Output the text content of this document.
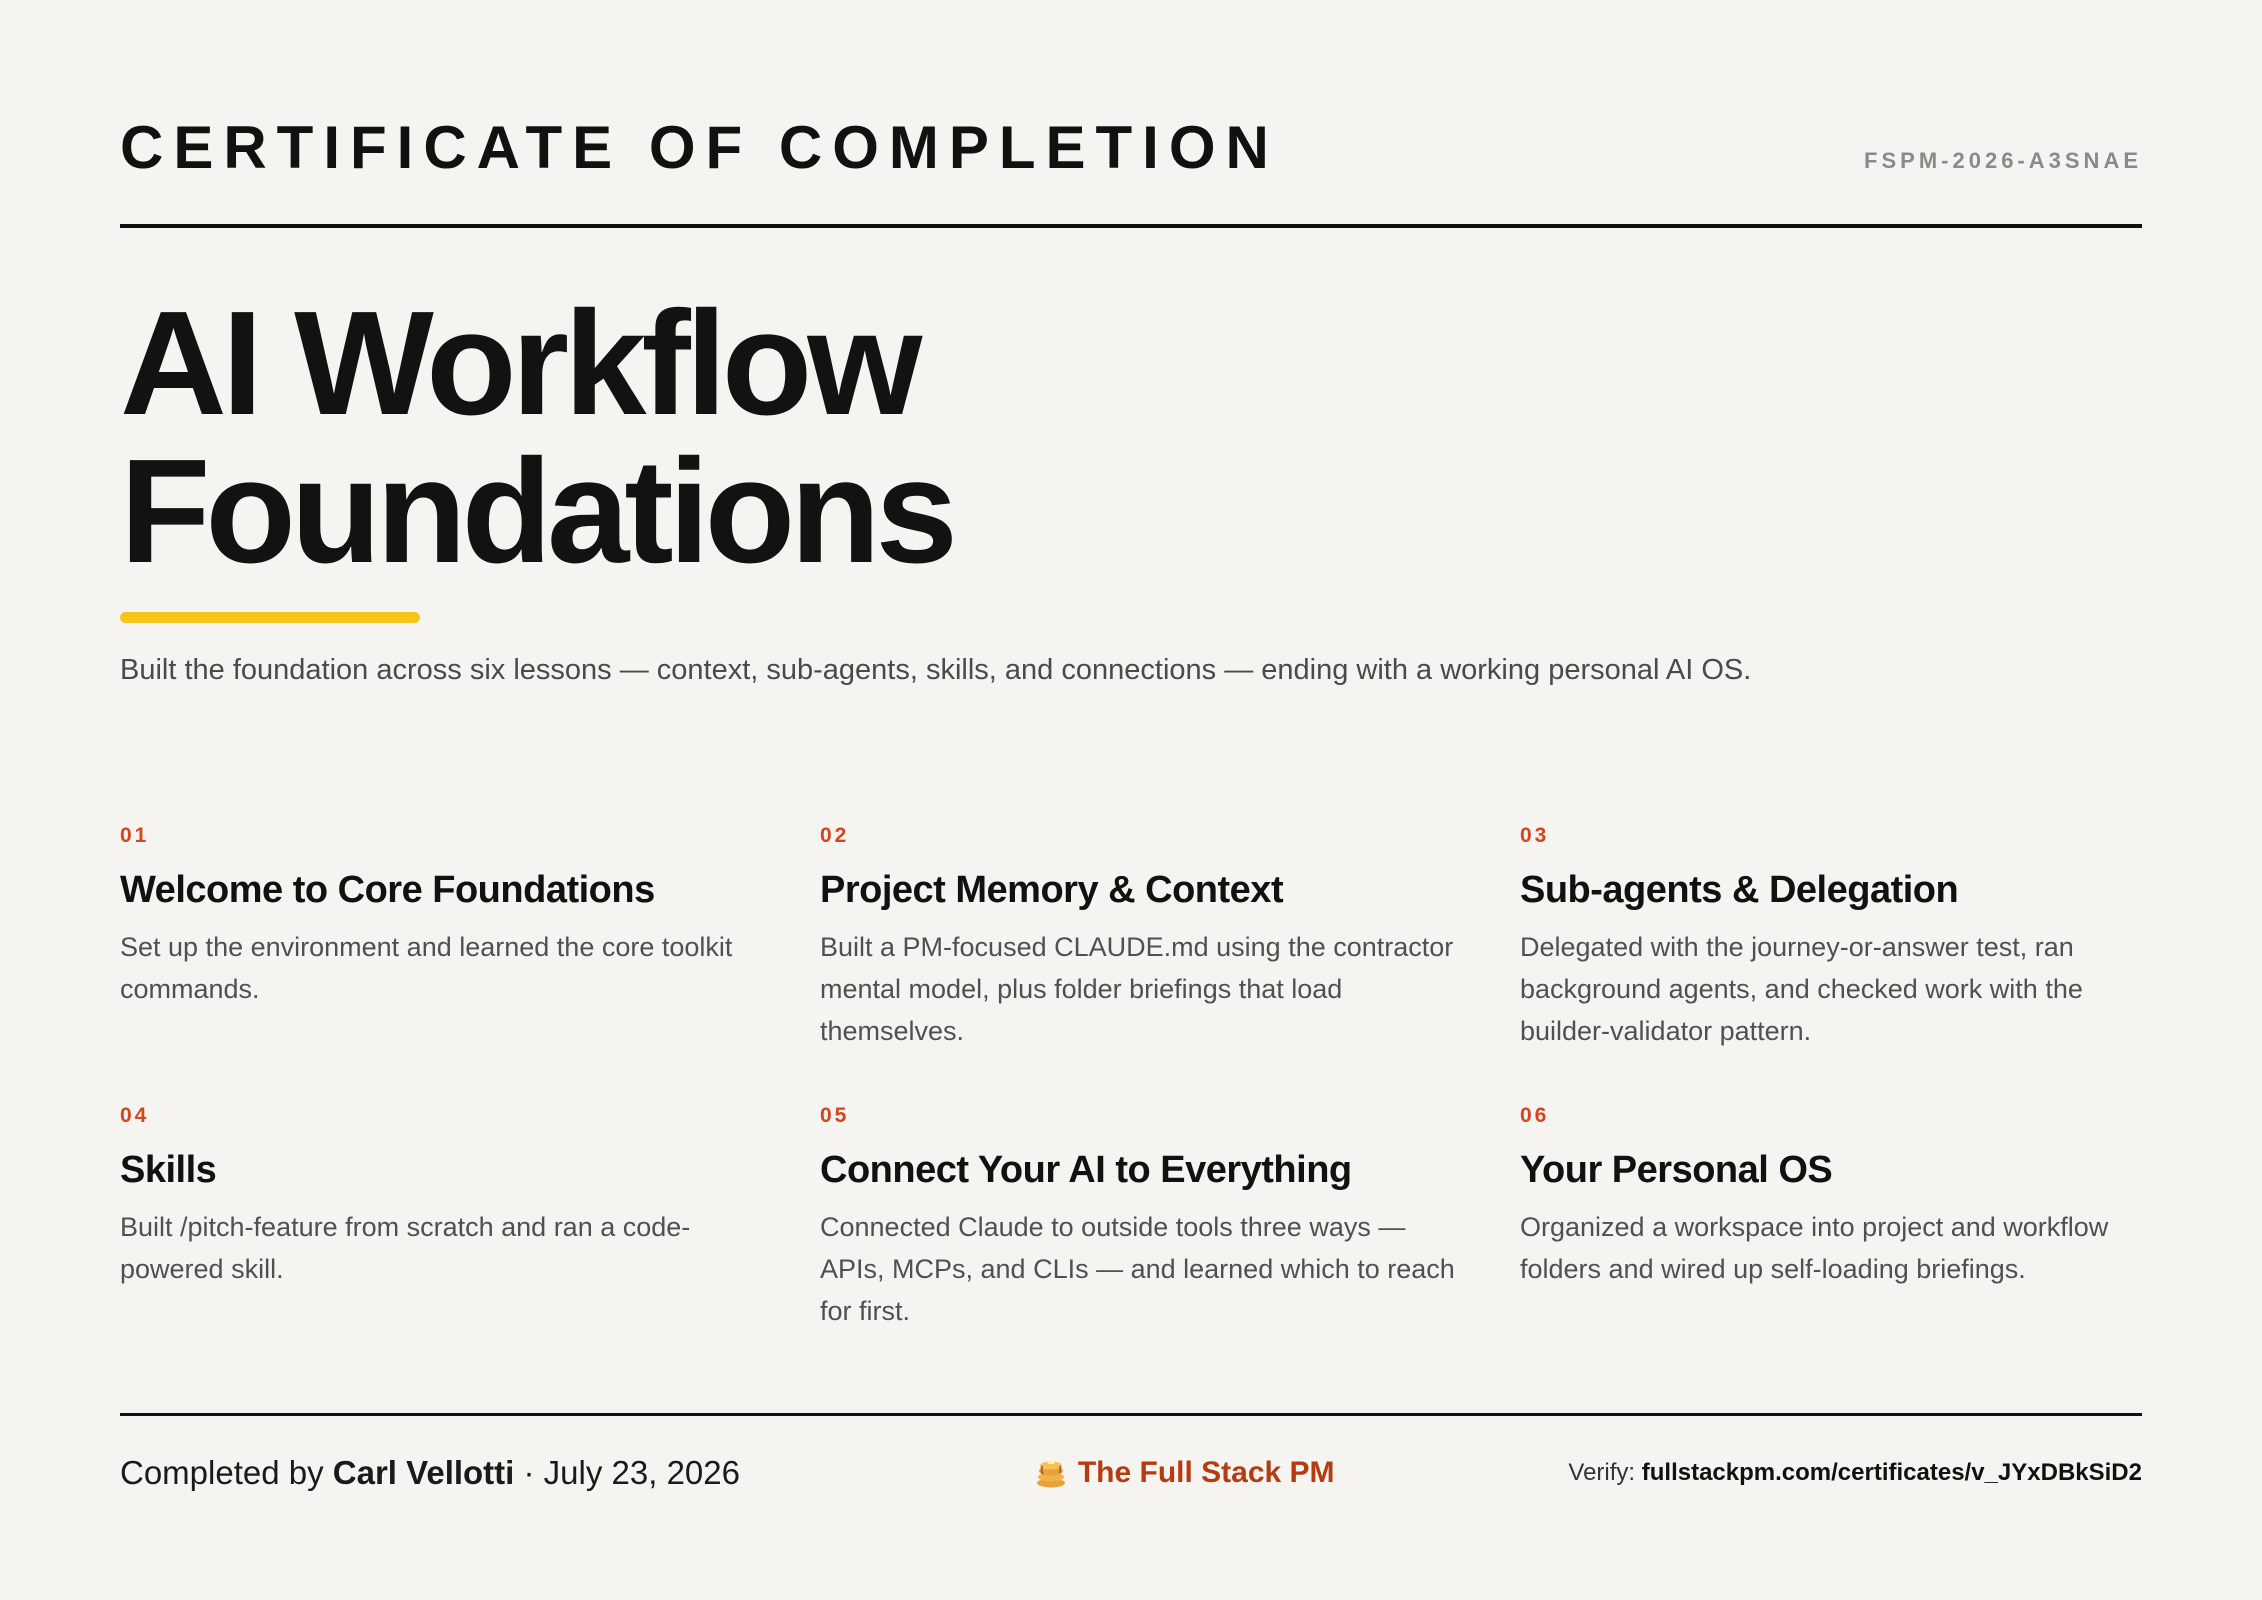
CERTIFICATE OF COMPLETION	FSPM-2026-A3SNAE
AI Workflow Foundations

Built the foundation across six lessons — context, sub-agents, skills, and connections — ending with a working personal AI OS.

01
Welcome to Core Foundations

Set up the environment and learned the core toolkit commands.

02
Project Memory & Context

Built a PM-focused CLAUDE.md using the contractor mental model, plus folder briefings that load themselves.

03
Sub-agents & Delegation

Delegated with the journey-or-answer test, ran background agents, and checked work with the builder-validator pattern.

04
Skills

Built /pitch-feature from scratch and ran a code-powered skill.

05
Connect Your AI to Everything

Connected Claude to outside tools three ways — APIs, MCPs, and CLIs — and learned which to reach for first.

06
Your Personal OS

Organized a workspace into project and workflow folders and wired up self-loading briefings.

Completed by Carl Vellotti · July 23, 2026	The Full Stack PM	Verify: fullstackpm.com/certificates/v_JYxDBkSiD2
